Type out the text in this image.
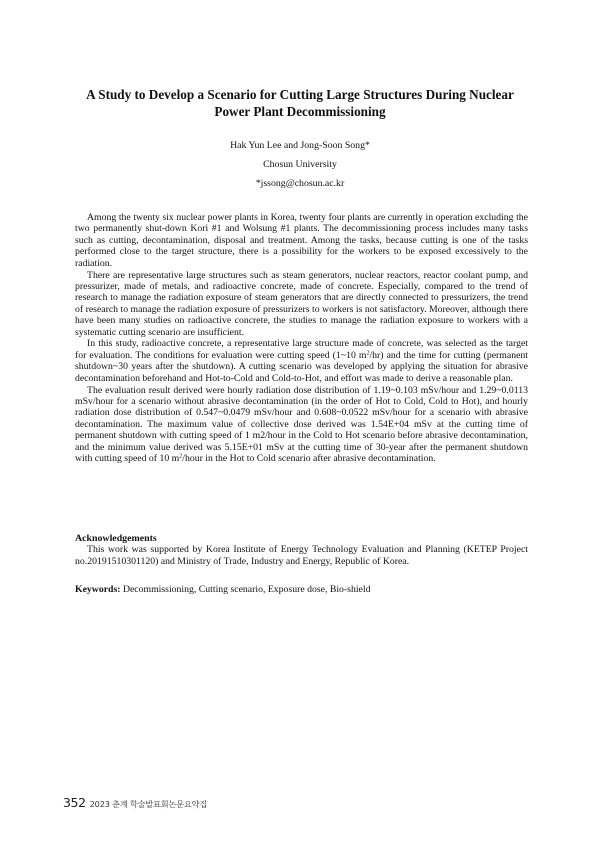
A Study to Develop a Scenario for Cutting Large Structures During Nuclear
Power Plant Decommissioning

Hak Yun Lee and Jong-Soon Song*

Chosun University

*jssong@chosun.ac.kr

Among the twenty six nuclear power plants in Korea, twenty four plants are currently in operation excluding the two permanently shut-down Kori #1 and Wolsung #1 plants. The decommissioning process includes many tasks such as cutting, decontamination, disposal and treatment. Among the tasks, because cutting is one of the tasks performed close to the target structure, there is a possibility for the workers to be exposed excessively to the radiation.

There are representative large structures such as steam generators, nuclear reactors, reactor coolant pump, and pressurizer, made of metals, and radioactive concrete, made of concrete. Especially, compared to the trend of research to manage the radiation exposure of steam generators that are directly connected to pressurizers, the trend of research to manage the radiation exposure of pressurizers to workers is not satisfactory. Moreover, although there have been many studies on radioactive concrete, the studies to manage the radiation exposure to workers with a systematic cutting scenario are insufficient.

In this study, radioactive concrete, a representative large structure made of concrete, was selected as the target for evaluation. The conditions for evaluation were cutting speed (1~10 $m^2/hr$) and the time for cutting (permanent shutdown~30 years after the shutdown). A cutting scenario was developed by applying the situation for abrasive decontamination beforehand and Hot-to-Cold and Cold-to-Hot, and effort was made to derive a reasonable plan.

The evaluation result derived were hourly radiation dose distribution of 1.19~0.103 mSv/hour and 1.29~0.0113 mSv/hour for a scenario without abrasive decontamination (in the order of Hot to Cold, Cold to Hot), and hourly radiation dose distribution of 0.547~0.0479 mSv/hour and 0.608~0.0522 mSv/hour for a scenario with abrasive decontamination. The maximum value of collective dose derived was 1.54E+04 mSv at the cutting time of permanent shutdown with cutting speed of 1 m2/hour in the Cold to Hot scenario before abrasive decontamination, and the minimum value derived was 5.15E+01 mSv at the cutting time of 30-year after the permanent shutdown with cutting speed of 10 $m^2$/hour in the Hot to Cold scenario after abrasive decontamination.

Acknowledgements

This work was supported by Korea Institute of Energy Technology Evaluation and Planning (KETEP Project no.20191510301120) and Ministry of Trade, Industry and Energy, Republic of Korea.

Keywords: Decommissioning, Cutting scenario, Exposure dose, Bio-shield

352 2023 춘계 학술발표회논문요약집
